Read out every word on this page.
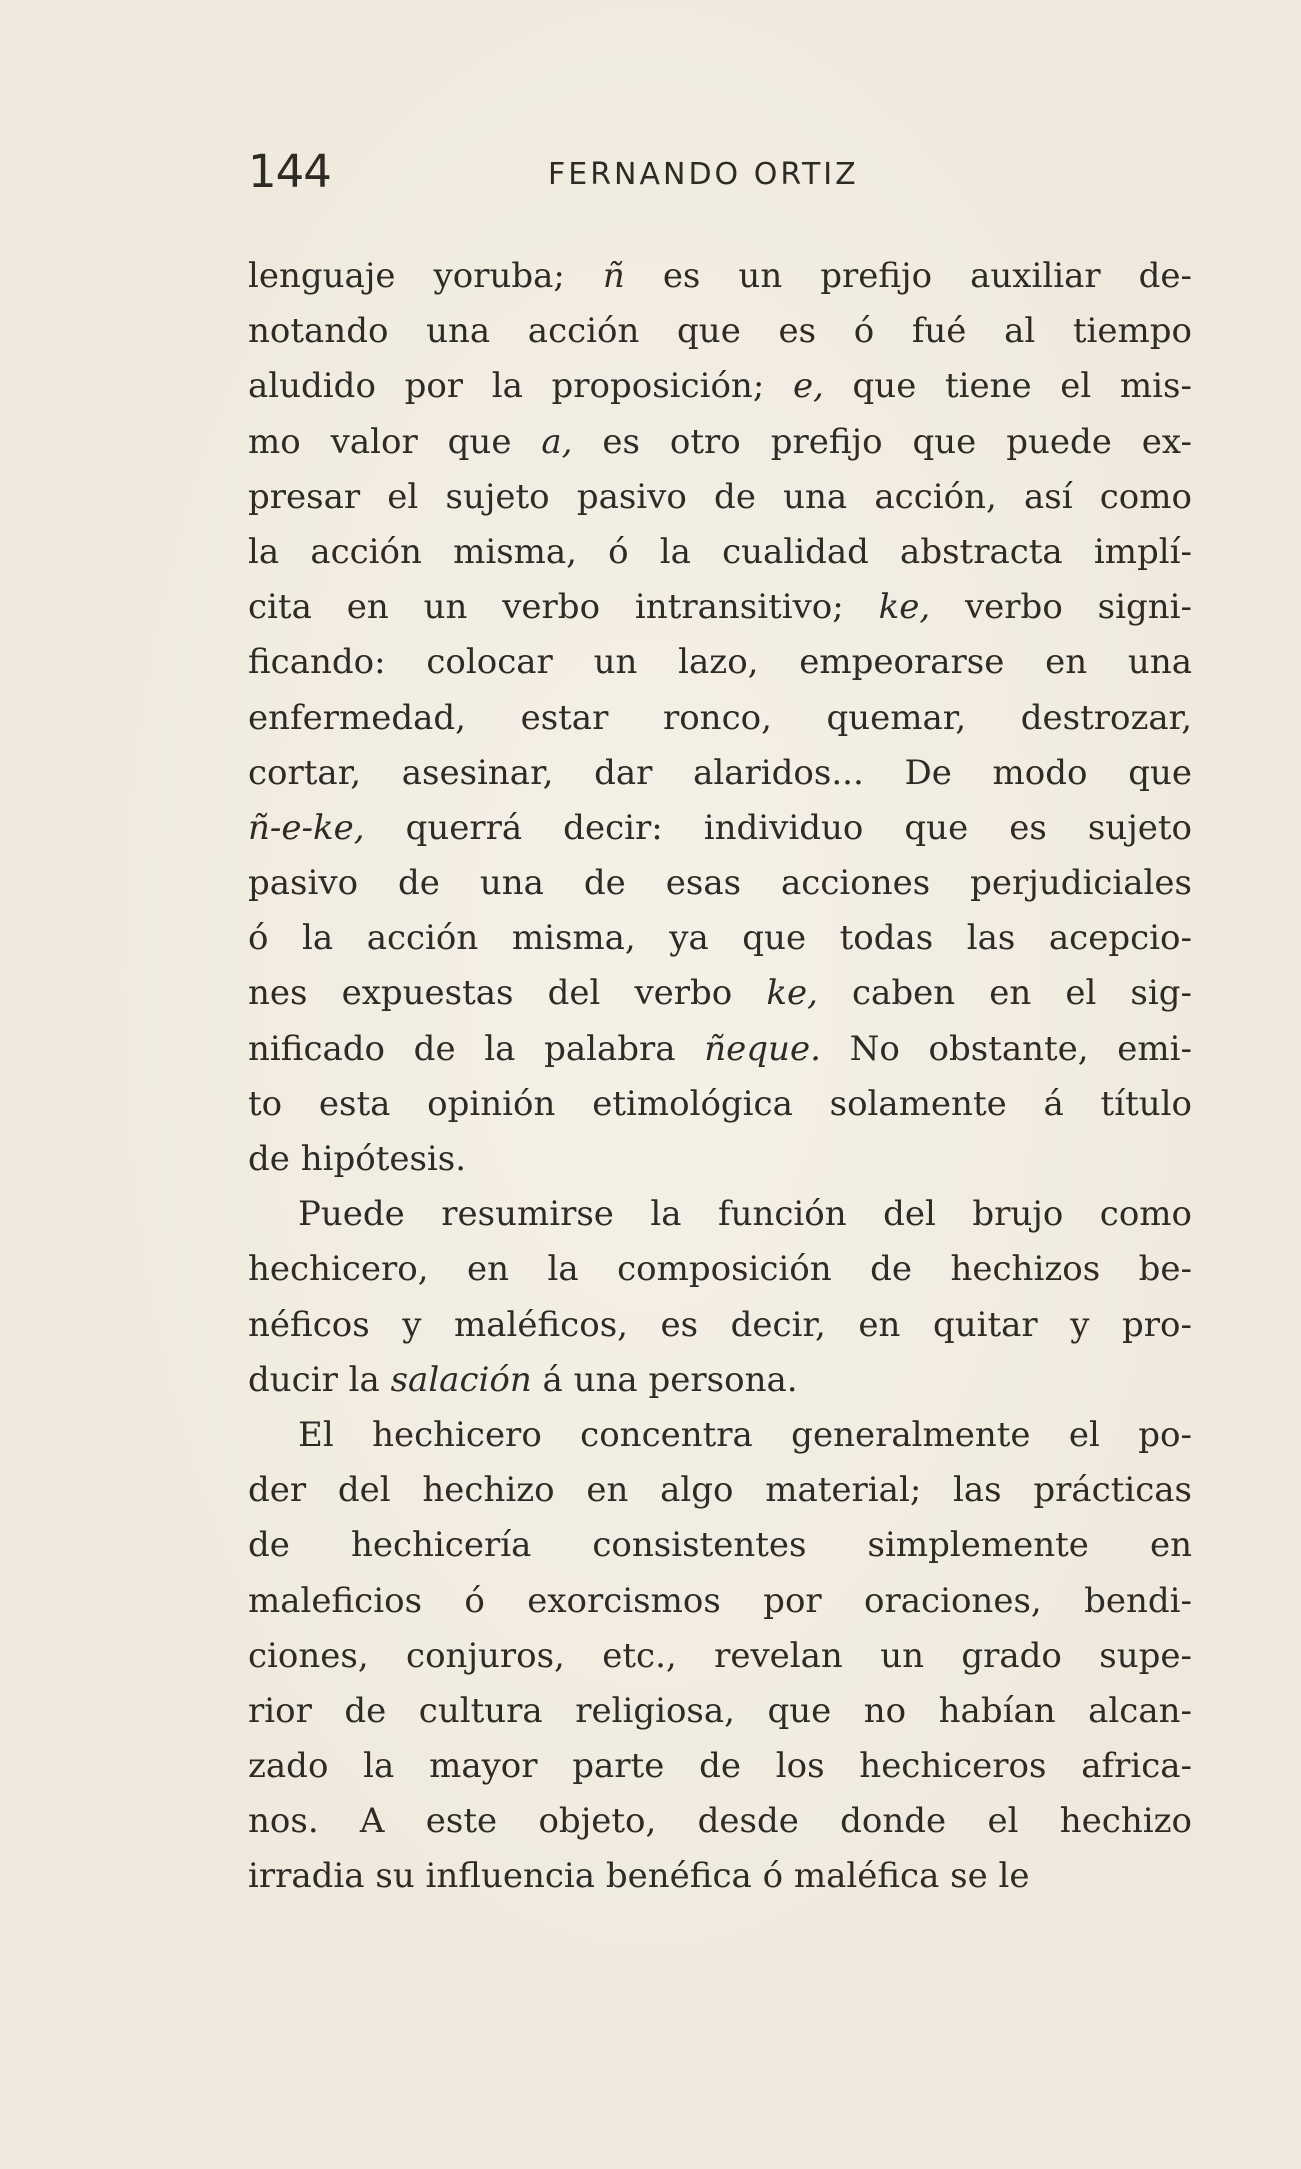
144	FERNANDO ORTIZ
lenguaje yoruba; ñ es un prefijo auxiliar de-
notando una acción que es ó fué al tiempo
aludido por la proposición; e, que tiene el mis-
mo valor que a, es otro prefijo que puede ex-
presar el sujeto pasivo de una acción, así como
la acción misma, ó la cualidad abstracta implí-
cita en un verbo intransitivo; ke, verbo signi-
ficando: colocar un lazo, empeorarse en una
enfermedad, estar ronco, quemar, destrozar,
cortar, asesinar, dar alaridos... De modo que
ñ-e-ke, querrá decir: individuo que es sujeto
pasivo de una de esas acciones perjudiciales
ó la acción misma, ya que todas las acepcio-
nes expuestas del verbo ke, caben en el sig-
nificado de la palabra ñeque. No obstante, emi-
to esta opinión etimológica solamente á título
de hipótesis.
Puede resumirse la función del brujo como
hechicero, en la composición de hechizos be-
néficos y maléficos, es decir, en quitar y pro-
ducir la salación á una persona.
El hechicero concentra generalmente el po-
der del hechizo en algo material; las prácticas
de hechicería consistentes simplemente en
maleficios ó exorcismos por oraciones, bendi-
ciones, conjuros, etc., revelan un grado supe-
rior de cultura religiosa, que no habían alcan-
zado la mayor parte de los hechiceros africa-
nos. A este objeto, desde donde el hechizo
irradia su influencia benéfica ó maléfica se le
